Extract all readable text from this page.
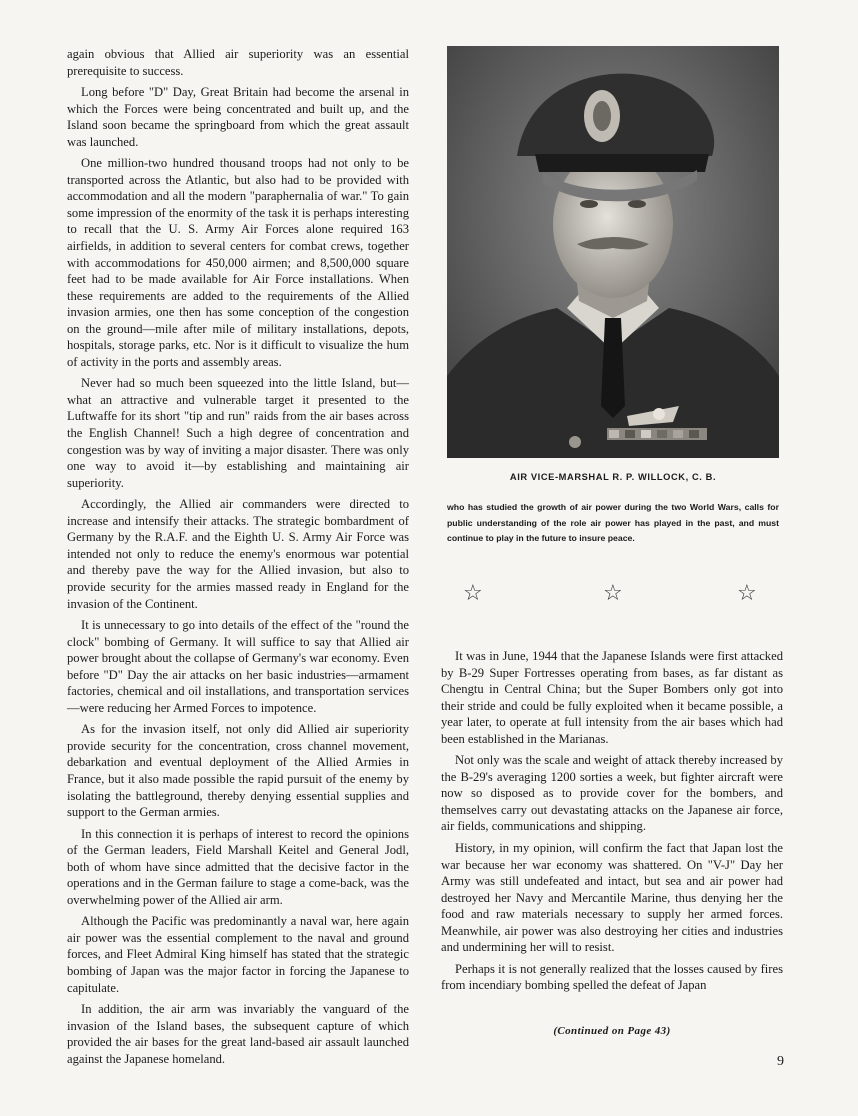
again obvious that Allied air superiority was an essential prerequisite to success.

Long before "D" Day, Great Britain had become the arsenal in which the Forces were being concentrated and built up, and the Island soon became the springboard from which the great assault was launched.

One million-two hundred thousand troops had not only to be transported across the Atlantic, but also had to be provided with accommodation and all the modern "paraphernalia of war." To gain some impression of the enormity of the task it is perhaps interesting to recall that the U. S. Army Air Forces alone required 163 airfields, in addition to several centers for combat crews, together with accommodations for 450,000 airmen; and 8,500,000 square feet had to be made available for Air Force installations. When these requirements are added to the requirements of the Allied invasion armies, one then has some conception of the congestion on the ground—mile after mile of military installations, depots, hospitals, storage parks, etc. Nor is it difficult to visualize the hum of activity in the ports and assembly areas.

Never had so much been squeezed into the little Island, but—what an attractive and vulnerable target it presented to the Luftwaffe for its short "tip and run" raids from the air bases across the English Channel! Such a high degree of concentration and congestion was by way of inviting a major disaster. There was only one way to avoid it—by establishing and maintaining air superiority.

Accordingly, the Allied air commanders were directed to increase and intensify their attacks. The strategic bombardment of Germany by the R.A.F. and the Eighth U. S. Army Air Force was intended not only to reduce the enemy's enormous war potential and thereby pave the way for the Allied invasion, but also to provide security for the armies massed ready in England for the invasion of the Continent.

It is unnecessary to go into details of the effect of the "round the clock" bombing of Germany. It will suffice to say that Allied air power brought about the collapse of Germany's war economy. Even before "D" Day the air attacks on her basic industries—armament factories, chemical and oil installations, and transportation services—were reducing her Armed Forces to impotence.

As for the invasion itself, not only did Allied air superiority provide security for the concentration, cross channel movement, debarkation and eventual deployment of the Allied Armies in France, but it also made possible the rapid pursuit of the enemy by isolating the battleground, thereby denying essential supplies and support to the German armies.

In this connection it is perhaps of interest to record the opinions of the German leaders, Field Marshall Keitel and General Jodl, both of whom have since admitted that the decisive factor in the operations and in the German failure to stage a come-back, was the overwhelming power of the Allied air arm.

Although the Pacific was predominantly a naval war, here again air power was the essential complement to the naval and ground forces, and Fleet Admiral King himself has stated that the strategic bombing of Japan was the major factor in forcing the Japanese to capitulate.

In addition, the air arm was invariably the vanguard of the invasion of the Island bases, the subsequent capture of which provided the air bases for the great land-based air assault launched against the Japanese homeland.

AIR VICE-MARSHAL R. P. WILLOCK, C. B.
who has studied the growth of air power during the two World Wars, calls for public understanding of the role air power has played in the past, and must continue to play in the future to insure peace.
☆	☆	☆

It was in June, 1944 that the Japanese Islands were first attacked by B-29 Super Fortresses operating from bases, as far distant as Chengtu in Central China; but the Super Bombers only got into their stride and could be fully exploited when it became possible, a year later, to operate at full intensity from the air bases which had been established in the Marianas.

Not only was the scale and weight of attack thereby increased by the B-29's averaging 1200 sorties a week, but fighter aircraft were now so disposed as to provide cover for the bombers, and themselves carry out devastating attacks on the Japanese air force, air fields, communications and shipping.

History, in my opinion, will confirm the fact that Japan lost the war because her war economy was shattered. On "V-J" Day her Army was still undefeated and intact, but sea and air power had destroyed her Navy and Mercantile Marine, thus denying her the food and raw materials necessary to supply her armed forces. Meanwhile, air power was also destroying her cities and industries and undermining her will to resist.

Perhaps it is not generally realized that the losses caused by fires from incendiary bombing spelled the defeat of Japan

(Continued on Page 43)
9
